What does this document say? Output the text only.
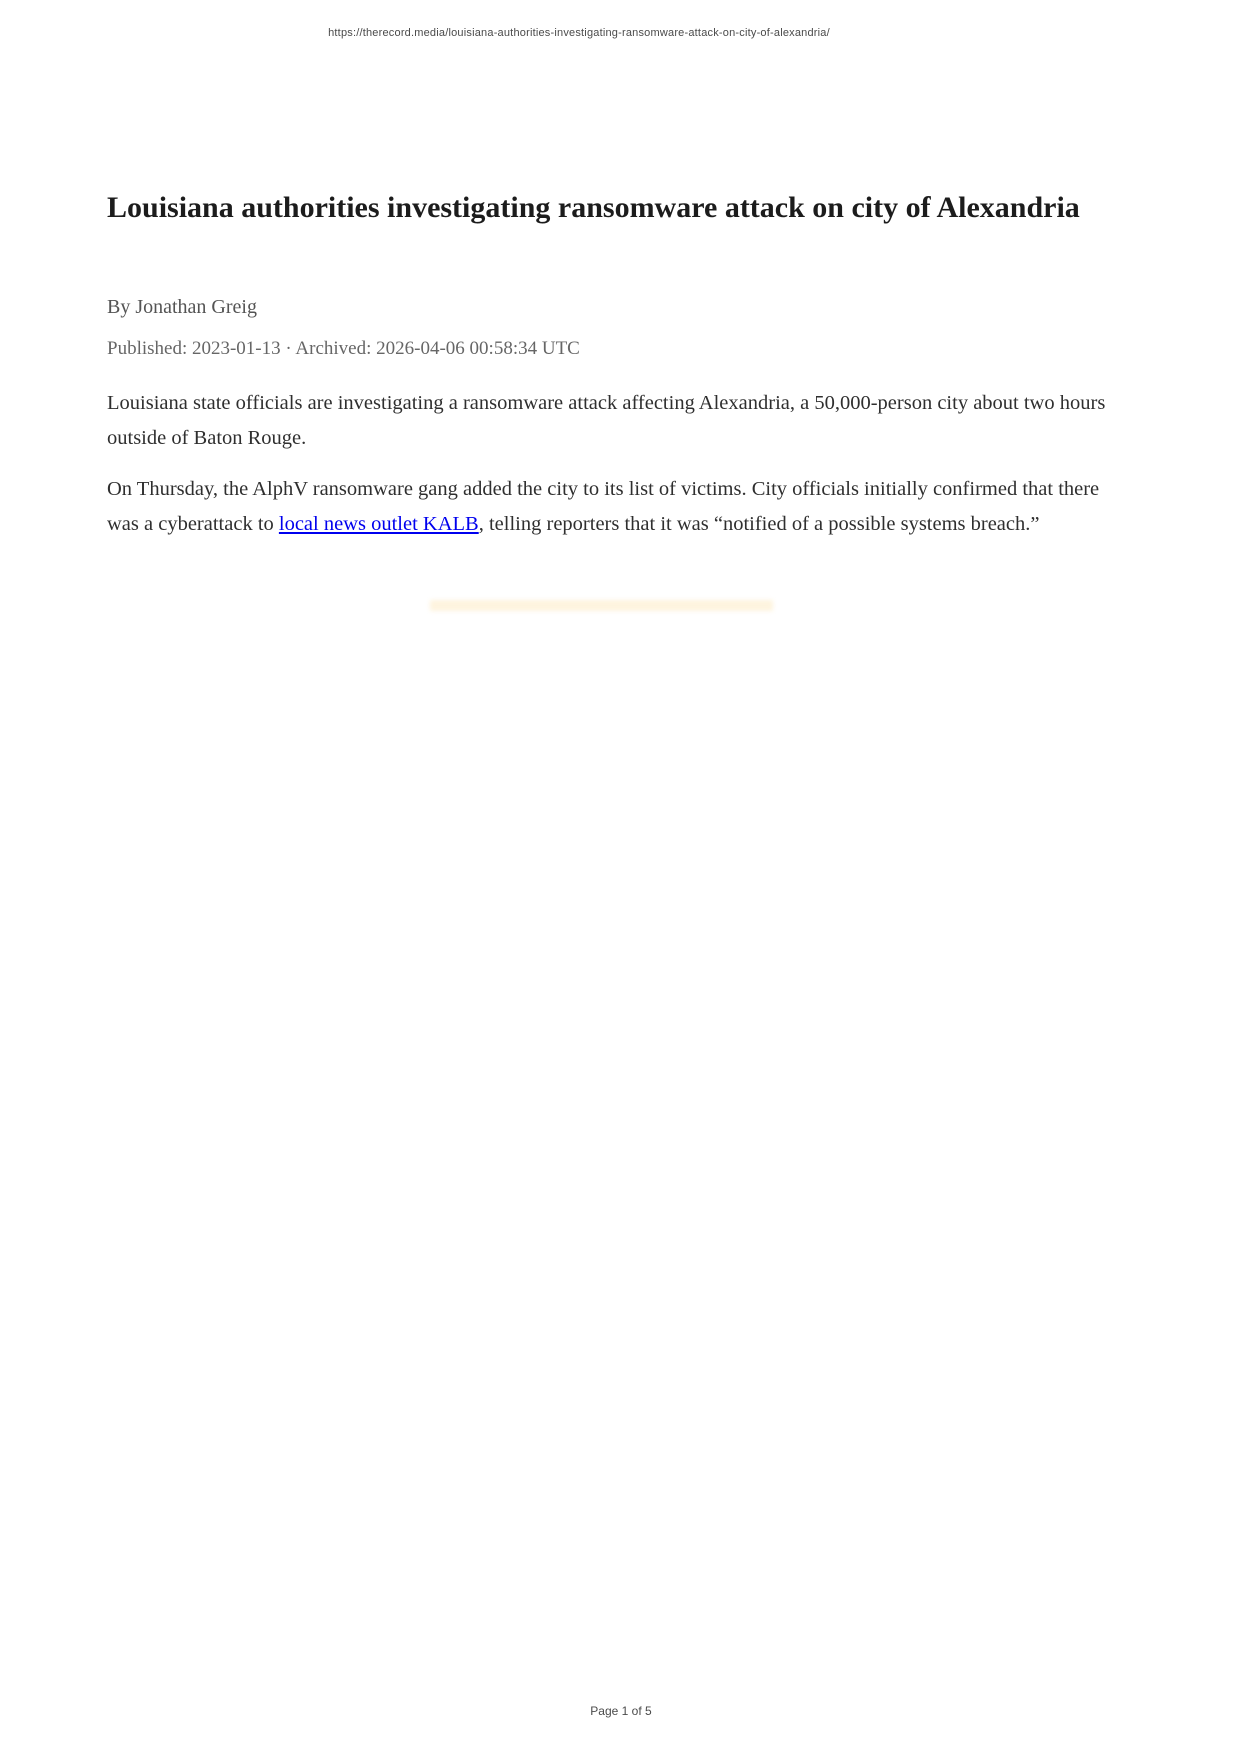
https://therecord.media/louisiana-authorities-investigating-ransomware-attack-on-city-of-alexandria/
Louisiana authorities investigating ransomware attack on city of Alexandria

By Jonathan Greig

Published: 2023-01-13 · Archived: 2026-04-06 00:58:34 UTC

Louisiana state officials are investigating a ransomware attack affecting Alexandria, a 50,000-person city about two hours outside of Baton Rouge.

On Thursday, the AlphV ransomware gang added the city to its list of victims. City officials initially confirmed that there was a cyberattack to local news outlet KALB, telling reporters that it was “notified of a possible systems breach.”

Page 1 of 5
